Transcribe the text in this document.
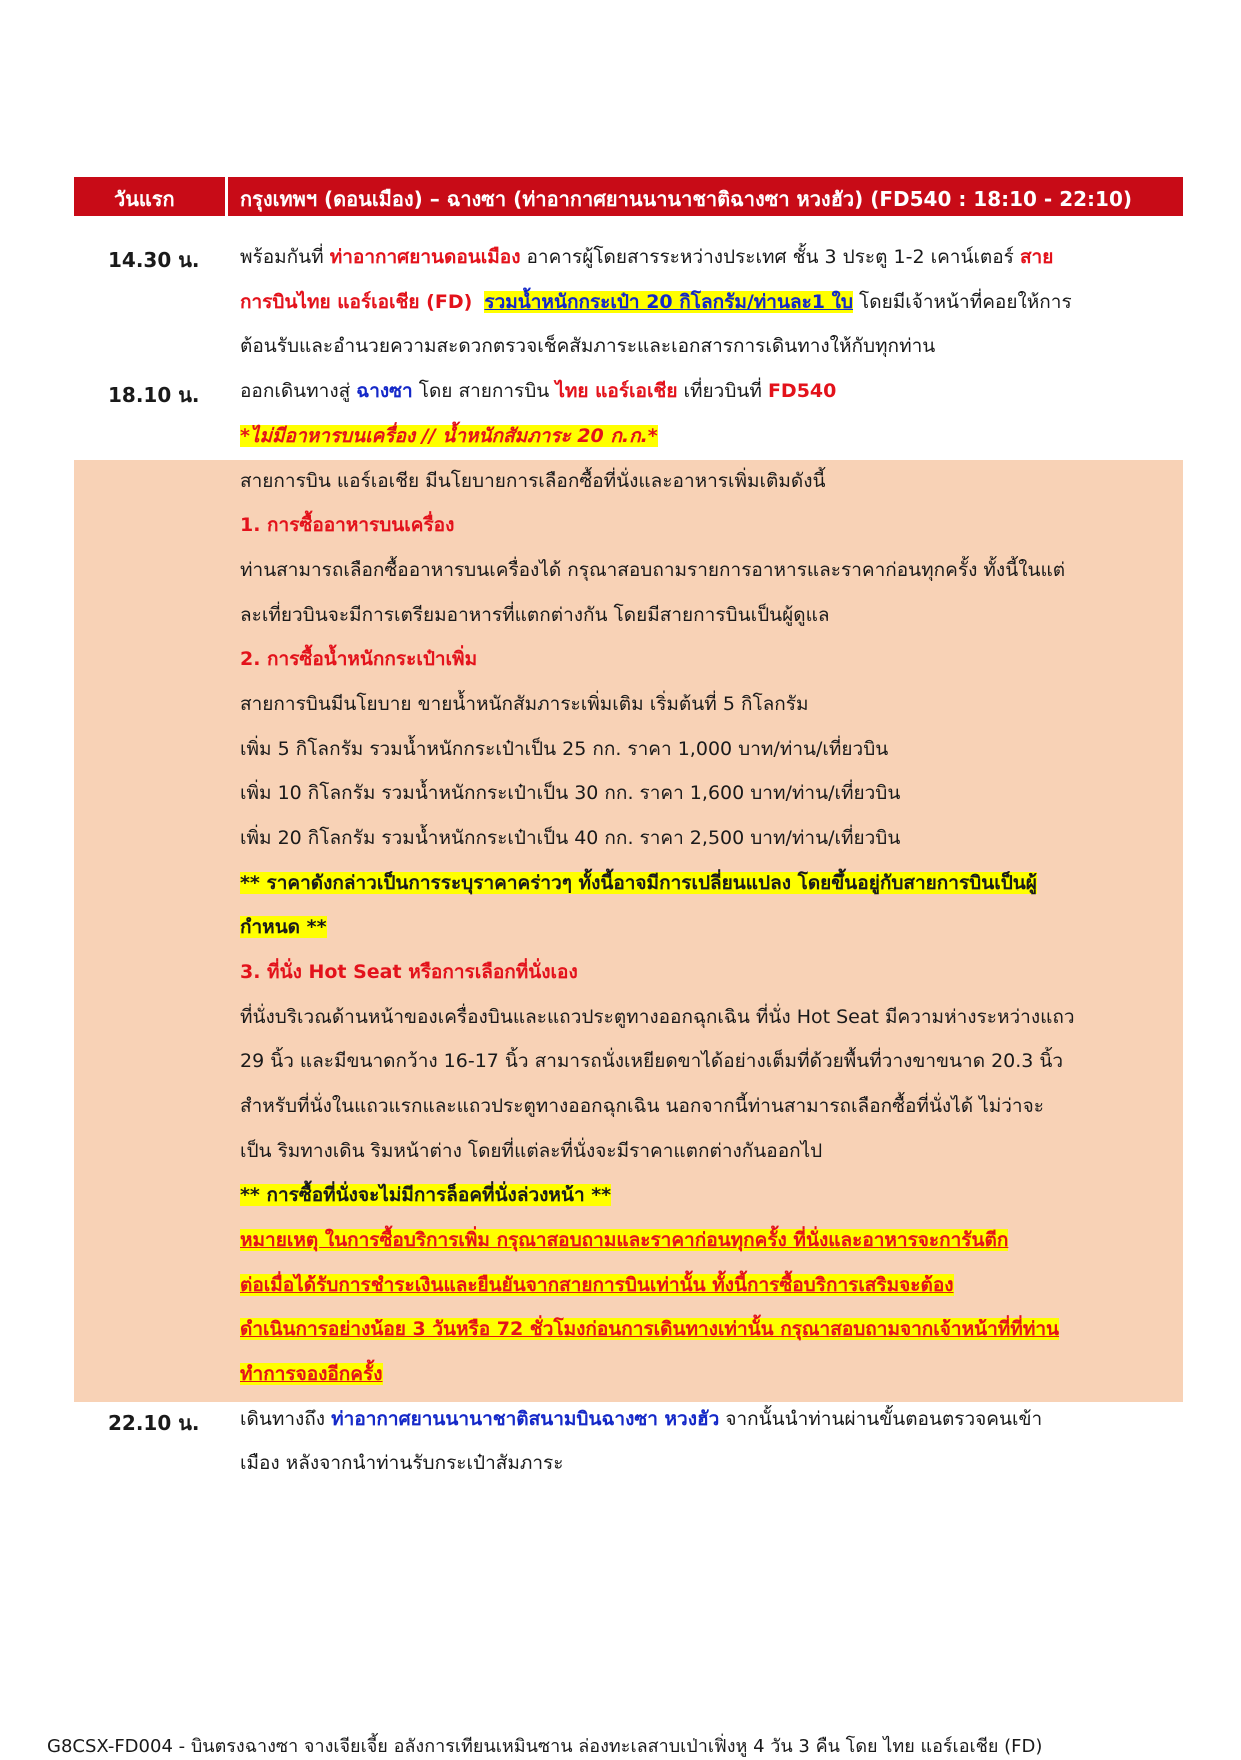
วันแรก	กรุงเทพฯ (ดอนเมือง) – ฉางซา (ท่าอากาศยานนานาชาติฉางซา หวงฮัว) (FD540 : 18:10 - 22:10)
14.30 น. พร้อมกันที่ ท่าอากาศยานดอนเมือง อาคารผู้โดยสารระหว่างประเทศ ชั้น 3 ประตู 1-2 เคาน์เตอร์ สาย
การบินไทย แอร์เอเชีย (FD) รวมน้ำหนักกระเป๋า 20 กิโลกรัม/ท่านละ1 ใบ โดยมีเจ้าหน้าที่คอยให้การ
ต้อนรับและอำนวยความสะดวกตรวจเช็คสัมภาระและเอกสารการเดินทางให้กับทุกท่าน
18.10 น. ออกเดินทางสู่ ฉางซา โดย สายการบิน ไทย แอร์เอเชีย เที่ยวบินที่ FD540
*ไม่มีอาหารบนเครื่อง // น้ำหนักสัมภาระ 20 ก.ก.*
สายการบิน แอร์เอเชีย มีนโยบายการเลือกซื้อที่นั่งและอาหารเพิ่มเติมดังนี้
1. การซื้ออาหารบนเครื่อง
ท่านสามารถเลือกซื้ออาหารบนเครื่องได้ กรุณาสอบถามรายการอาหารและราคาก่อนทุกครั้ง ทั้งนี้ในแต่
ละเที่ยวบินจะมีการเตรียมอาหารที่แตกต่างกัน โดยมีสายการบินเป็นผู้ดูแล
2. การซื้อน้ำหนักกระเป๋าเพิ่ม
สายการบินมีนโยบาย ขายน้ำหนักสัมภาระเพิ่มเติม เริ่มต้นที่ 5 กิโลกรัม
เพิ่ม 5 กิโลกรัม รวมน้ำหนักกระเป๋าเป็น 25 กก. ราคา 1,000 บาท/ท่าน/เที่ยวบิน
เพิ่ม 10 กิโลกรัม รวมน้ำหนักกระเป๋าเป็น 30 กก. ราคา 1,600 บาท/ท่าน/เที่ยวบิน
เพิ่ม 20 กิโลกรัม รวมน้ำหนักกระเป๋าเป็น 40 กก. ราคา 2,500 บาท/ท่าน/เที่ยวบิน
** ราคาดังกล่าวเป็นการระบุราคาคร่าวๆ ทั้งนี้อาจมีการเปลี่ยนแปลง โดยขึ้นอยู่กับสายการบินเป็นผู้
กำหนด **
3. ที่นั่ง Hot Seat หรือการเลือกที่นั่งเอง
ที่นั่งบริเวณด้านหน้าของเครื่องบินและแถวประตูทางออกฉุกเฉิน ที่นั่ง Hot Seat มีความห่างระหว่างแถว
29 นิ้ว และมีขนาดกว้าง 16-17 นิ้ว สามารถนั่งเหยียดขาได้อย่างเต็มที่ด้วยพื้นที่วางขาขนาด 20.3 นิ้ว
สำหรับที่นั่งในแถวแรกและแถวประตูทางออกฉุกเฉิน นอกจากนี้ท่านสามารถเลือกซื้อที่นั่งได้ ไม่ว่าจะ
เป็น ริมทางเดิน ริมหน้าต่าง โดยที่แต่ละที่นั่งจะมีราคาแตกต่างกันออกไป
** การซื้อที่นั่งจะไม่มีการล็อคที่นั่งล่วงหน้า **
หมายเหตุ ในการซื้อบริการเพิ่ม กรุณาสอบถามและราคาก่อนทุกครั้ง ที่นั่งและอาหารจะการันตีก
ต่อเมื่อได้รับการชำระเงินและยืนยันจากสายการบินเท่านั้น ทั้งนี้การซื้อบริการเสริมจะต้อง
ดำเนินการอย่างน้อย 3 วันหรือ 72 ชั่วโมงก่อนการเดินทางเท่านั้น กรุณาสอบถามจากเจ้าหน้าที่ที่ท่าน
ทำการจองอีกครั้ง
22.10 น. เดินทางถึง ท่าอากาศยานนานาชาติสนามบินฉางซา หวงฮัว จากนั้นนำท่านผ่านขั้นตอนตรวจคนเข้า
เมือง หลังจากนำท่านรับกระเป๋าสัมภาระ
G8CSX-FD004 - บินตรงฉางซา จางเจียเจี้ย อลังการเทียนเหมินซาน ล่องทะเลสาบเป่าเฟิ่งหู 4 วัน 3 คืน โดย ไทย แอร์เอเชีย (FD)
